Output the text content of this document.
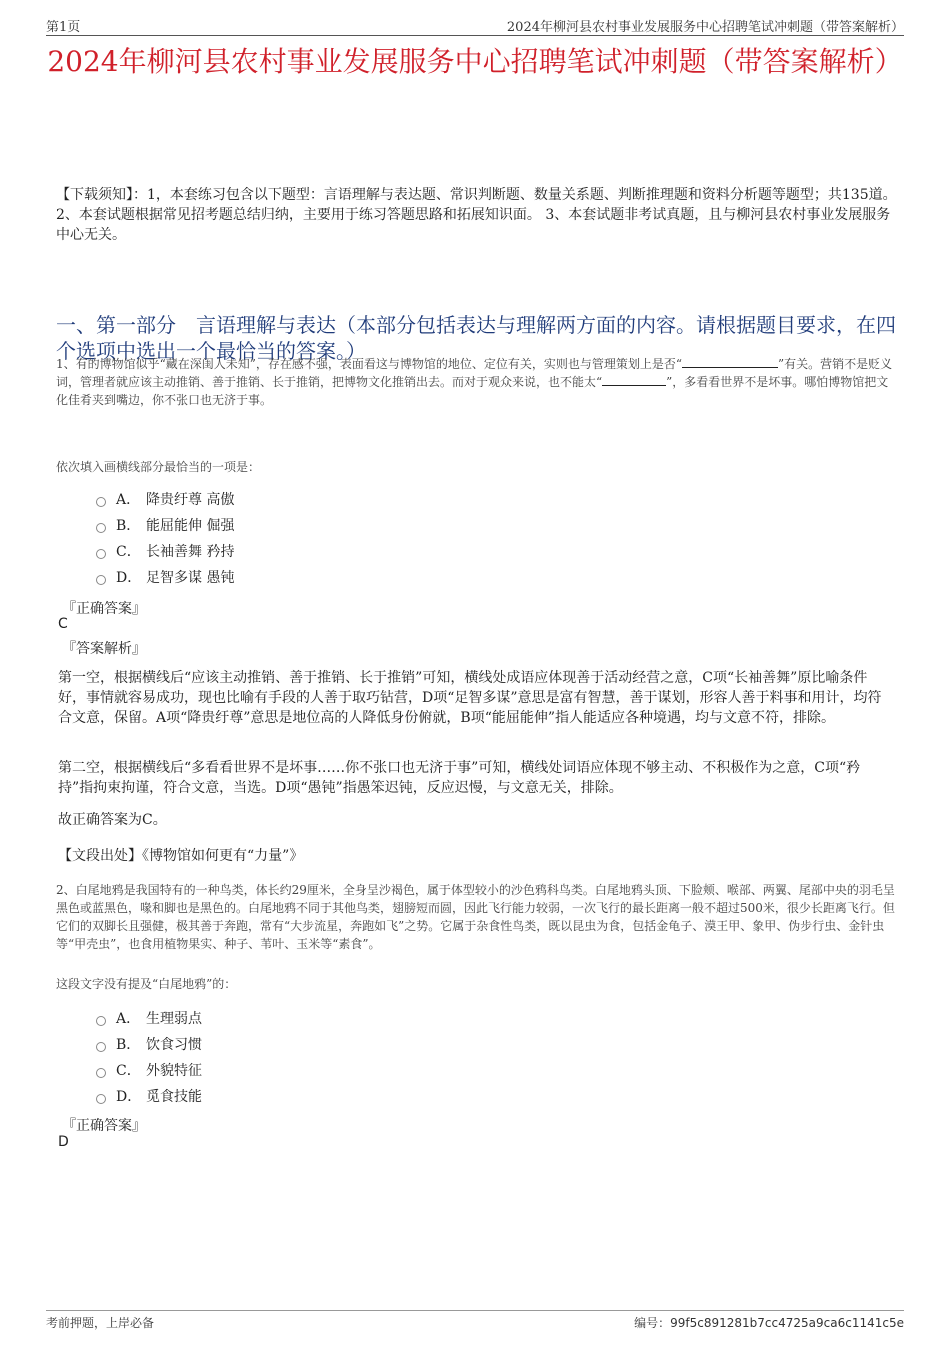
第1页	2024年柳河县农村事业发展服务中心招聘笔试冲刺题（带答案解析）
2024年柳河县农村事业发展服务中心招聘笔试冲刺题（带答案解析）
【下载须知】：1，本套练习包含以下题型：言语理解与表达题、常识判断题、数量关系题、判断推理题和资料分析题等题型；共135道。 2、本套试题根据常见招考题总结归纳，主要用于练习答题思路和拓展知识面。 3、本套试题非考试真题，且与柳河县农村事业发展服务中心无关。
一、第一部分　言语理解与表达（本部分包括表达与理解两方面的内容。请根据题目要求，在四个选项中选出一个最恰当的答案。）
1、有的博物馆似乎“藏在深闺人未知”，存在感不强，表面看这与博物馆的地位、定位有关，实则也与管理策划上是否“	”有关。营销不是贬义词，管理者就应该主动推销、善于推销、长于推销，把博物文化推销出去。而对于观众来说，也不能太“	”，多看看世界不是坏事。哪怕博物馆把文化佳肴夹到嘴边，你不张口也无济于事。
依次填入画横线部分最恰当的一项是：
A． 降贵纡尊 高傲
B． 能屈能伸 倔强
C． 长袖善舞 矜持
D． 足智多谋 愚钝
『正确答案』
C
『答案解析』
第一空，根据横线后“应该主动推销、善于推销、长于推销”可知，横线处成语应体现善于活动经营之意，C项“长袖善舞”原比喻条件好，事情就容易成功，现也比喻有手段的人善于取巧钻营，D项“足智多谋”意思是富有智慧，善于谋划，形容人善于料事和用计，均符合文意，保留。A项“降贵纡尊”意思是地位高的人降低身份俯就，B项“能屈能伸”指人能适应各种境遇，均与文意不符，排除。
第二空，根据横线后“多看看世界不是坏事……你不张口也无济于事”可知，横线处词语应体现不够主动、不积极作为之意，C项“矜持”指拘束拘谨，符合文意，当选。D项“愚钝”指愚笨迟钝，反应迟慢，与文意无关，排除。
故正确答案为C。
【文段出处】《博物馆如何更有“力量”》
2、白尾地鸦是我国特有的一种鸟类，体长约29厘米，全身呈沙褐色，属于体型较小的沙色鸦科鸟类。白尾地鸦头顶、下脸颊、喉部、两翼、尾部中央的羽毛呈黑色或蓝黑色，喙和脚也是黑色的。白尾地鸦不同于其他鸟类，翅膀短而圆，因此飞行能力较弱，一次飞行的最长距离一般不超过500米，很少长距离飞行。但它们的双脚长且强健，极其善于奔跑，常有“大步流星，奔跑如飞”之势。它属于杂食性鸟类，既以昆虫为食，包括金龟子、漠王甲、象甲、伪步行虫、金针虫等“甲壳虫”，也食用植物果实、种子、苇叶、玉米等“素食”。
这段文字没有提及“白尾地鸦”的：
A． 生理弱点
B． 饮食习惯
C． 外貌特征
D． 觅食技能
『正确答案』
D
考前押题，上岸必备	编号：99f5c891281b7cc4725a9ca6c1141c5e
